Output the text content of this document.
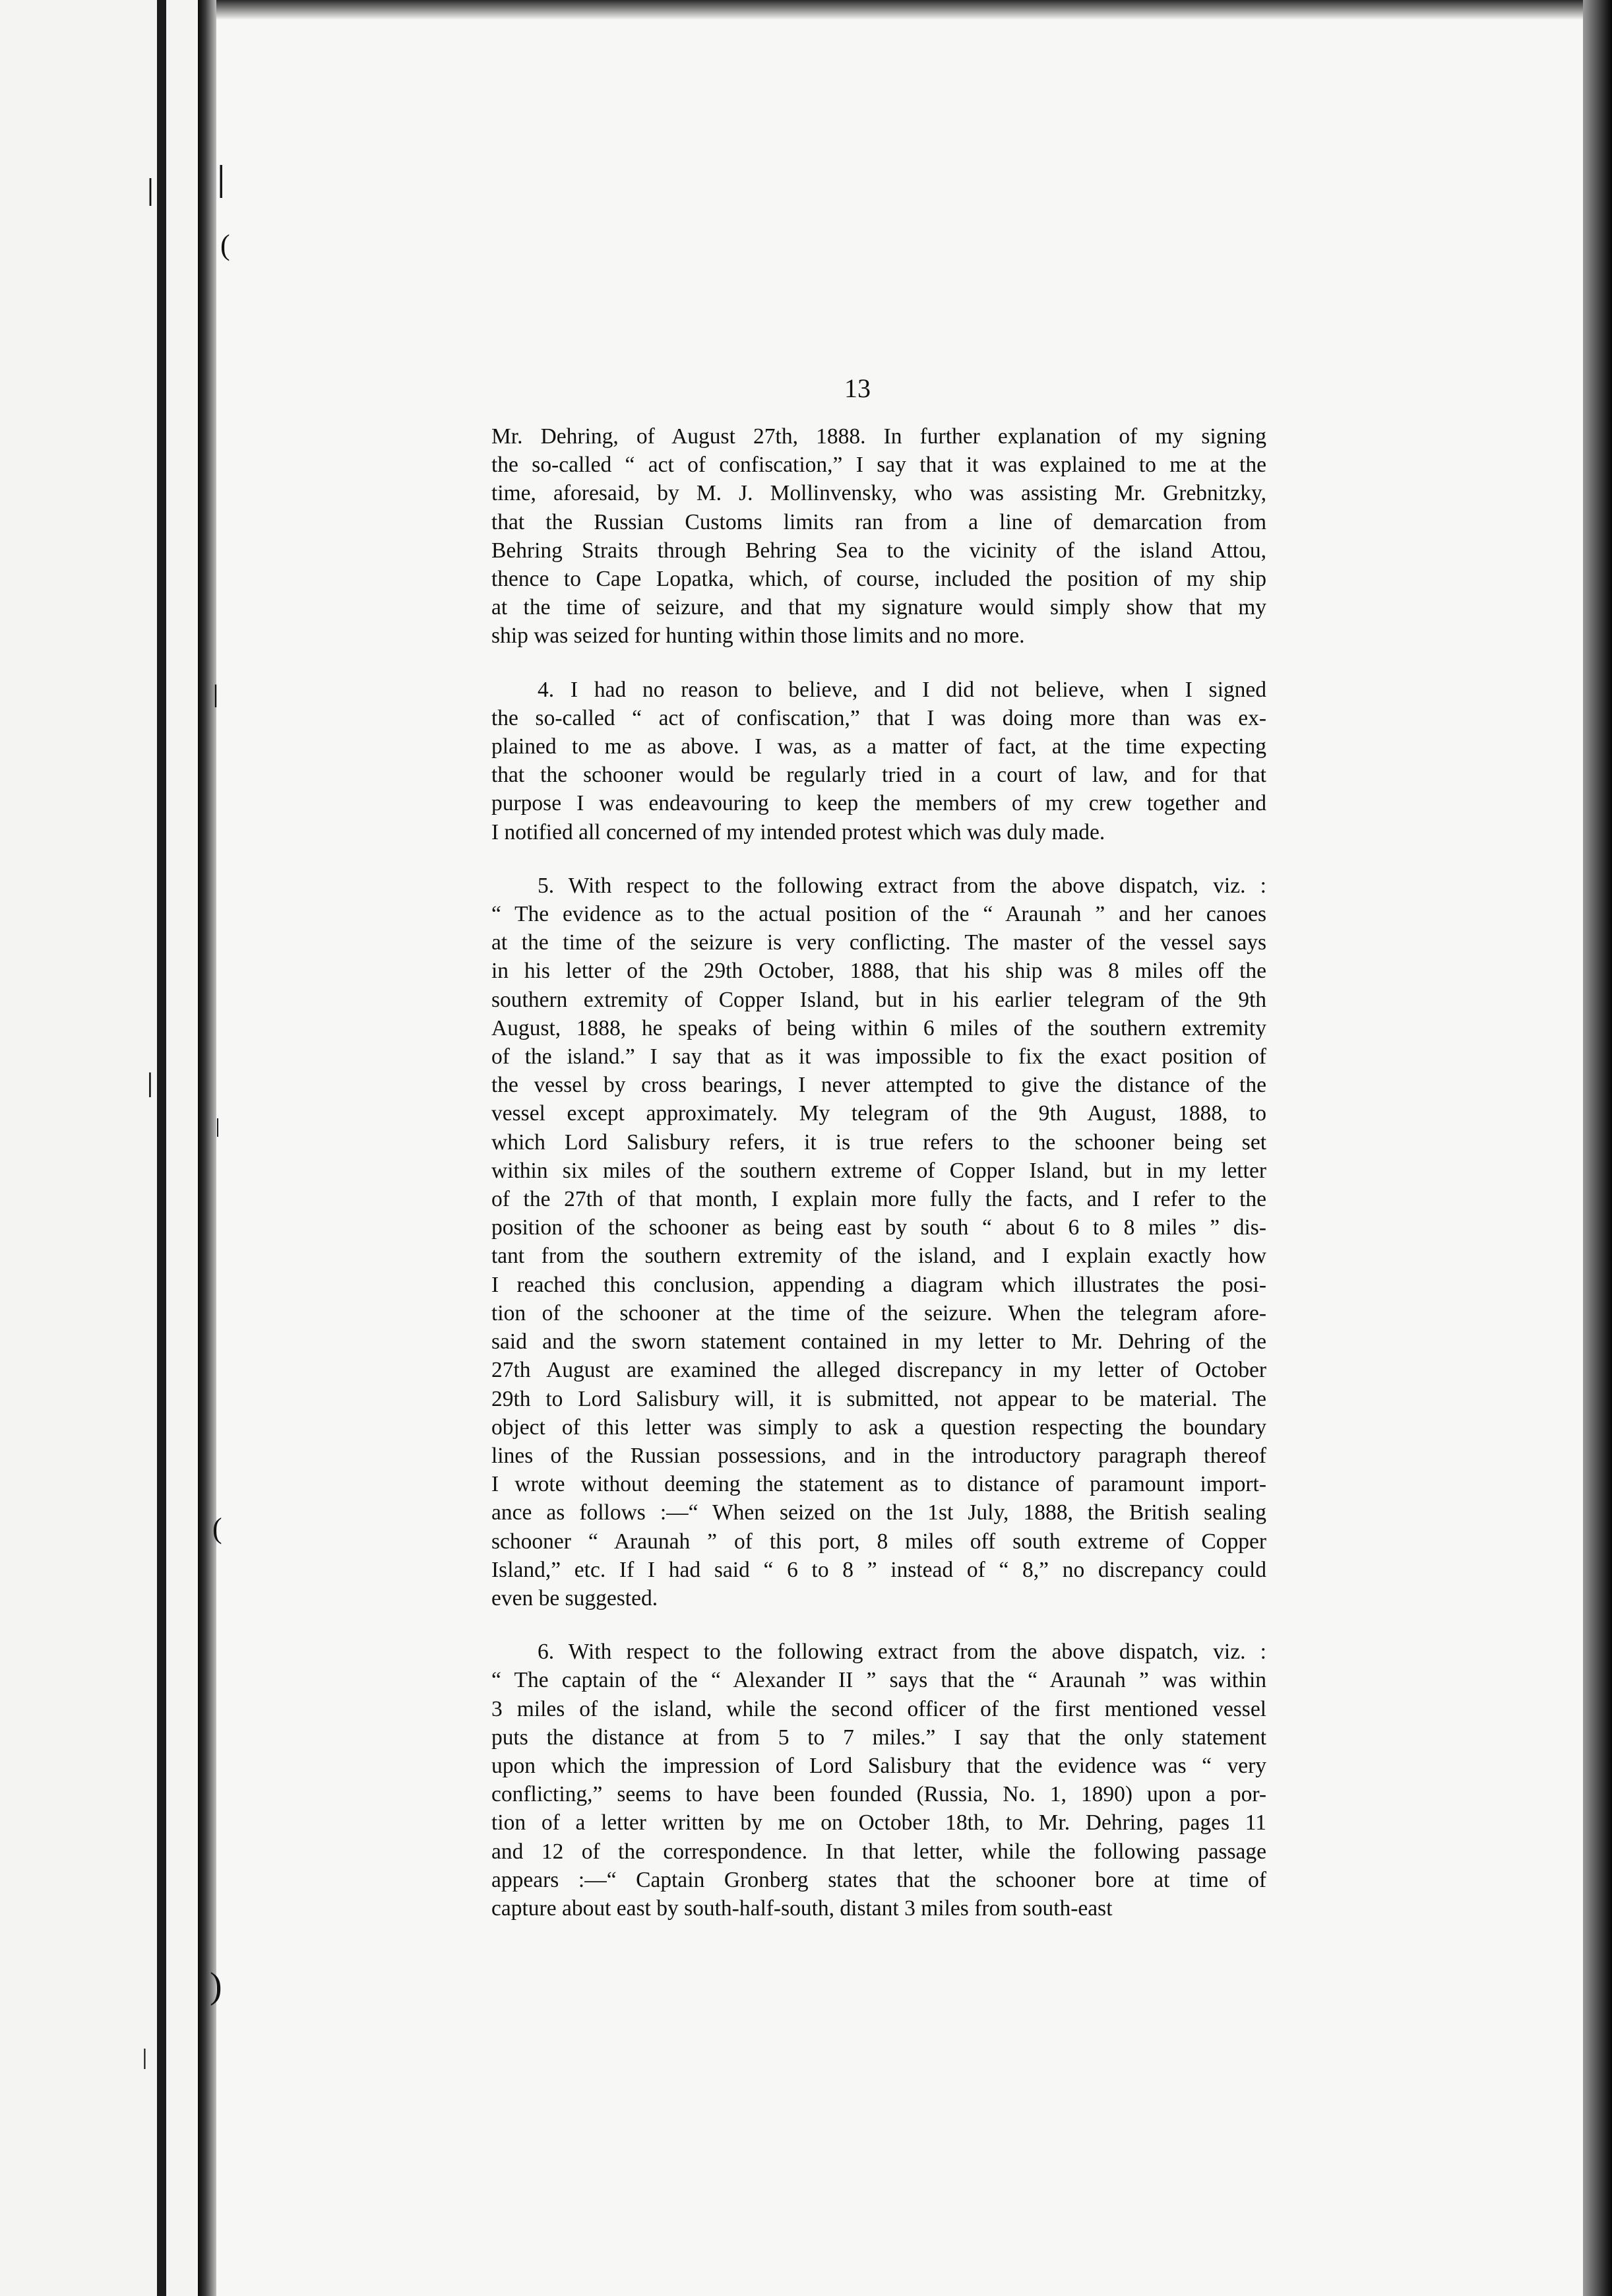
ǀ ǀ
(
ǀ
ǀ
ǀ
(
)
ǀ
13
Mr. Dehring, of August 27th, 1888. In further explanation of my signing
the so-called “ act of confiscation,” I say that it was explained to me at the
time, aforesaid, by M. J. Mollinvensky, who was assisting Mr. Grebnitzky,
that the Russian Customs limits ran from a line of demarcation from
Behring Straits through Behring Sea to the vicinity of the island Attou,
thence to Cape Lopatka, which, of course, included the position of my ship
at the time of seizure, and that my signature would simply show that my
ship was seized for hunting within those limits and no more.
4. I had no reason to believe, and I did not believe, when I signed
the so-called “ act of confiscation,” that I was doing more than was ex-
plained to me as above. I was, as a matter of fact, at the time expecting
that the schooner would be regularly tried in a court of law, and for that
purpose I was endeavouring to keep the members of my crew together and
I notified all concerned of my intended protest which was duly made.
5. With respect to the following extract from the above dispatch, viz. :
“ The evidence as to the actual position of the “ Araunah ” and her canoes
at the time of the seizure is very conflicting. The master of the vessel says
in his letter of the 29th October, 1888, that his ship was 8 miles off the
southern extremity of Copper Island, but in his earlier telegram of the 9th
August, 1888, he speaks of being within 6 miles of the southern extremity
of the island.” I say that as it was impossible to fix the exact position of
the vessel by cross bearings, I never attempted to give the distance of the
vessel except approximately. My telegram of the 9th August, 1888, to
which Lord Salisbury refers, it is true refers to the schooner being set
within six miles of the southern extreme of Copper Island, but in my letter
of the 27th of that month, I explain more fully the facts, and I refer to the
position of the schooner as being east by south “ about 6 to 8 miles ” dis-
tant from the southern extremity of the island, and I explain exactly how
I reached this conclusion, appending a diagram which illustrates the posi-
tion of the schooner at the time of the seizure. When the telegram afore-
said and the sworn statement contained in my letter to Mr. Dehring of the
27th August are examined the alleged discrepancy in my letter of October
29th to Lord Salisbury will, it is submitted, not appear to be material. The
object of this letter was simply to ask a question respecting the boundary
lines of the Russian possessions, and in the introductory paragraph thereof
I wrote without deeming the statement as to distance of paramount import-
ance as follows :—“ When seized on the 1st July, 1888, the British sealing
schooner “ Araunah ” of this port, 8 miles off south extreme of Copper
Island,” etc. If I had said “ 6 to 8 ” instead of “ 8,” no discrepancy could
even be suggested.
6. With respect to the following extract from the above dispatch, viz. :
“ The captain of the “ Alexander II ” says that the “ Araunah ” was within
3 miles of the island, while the second officer of the first mentioned vessel
puts the distance at from 5 to 7 miles.” I say that the only statement
upon which the impression of Lord Salisbury that the evidence was “ very
conflicting,” seems to have been founded (Russia, No. 1, 1890) upon a por-
tion of a letter written by me on October 18th, to Mr. Dehring, pages 11
and 12 of the correspondence. In that letter, while the following passage
appears :—“ Captain Gronberg states that the schooner bore at time of
capture about east by south-half-south, distant 3 miles from south-east
